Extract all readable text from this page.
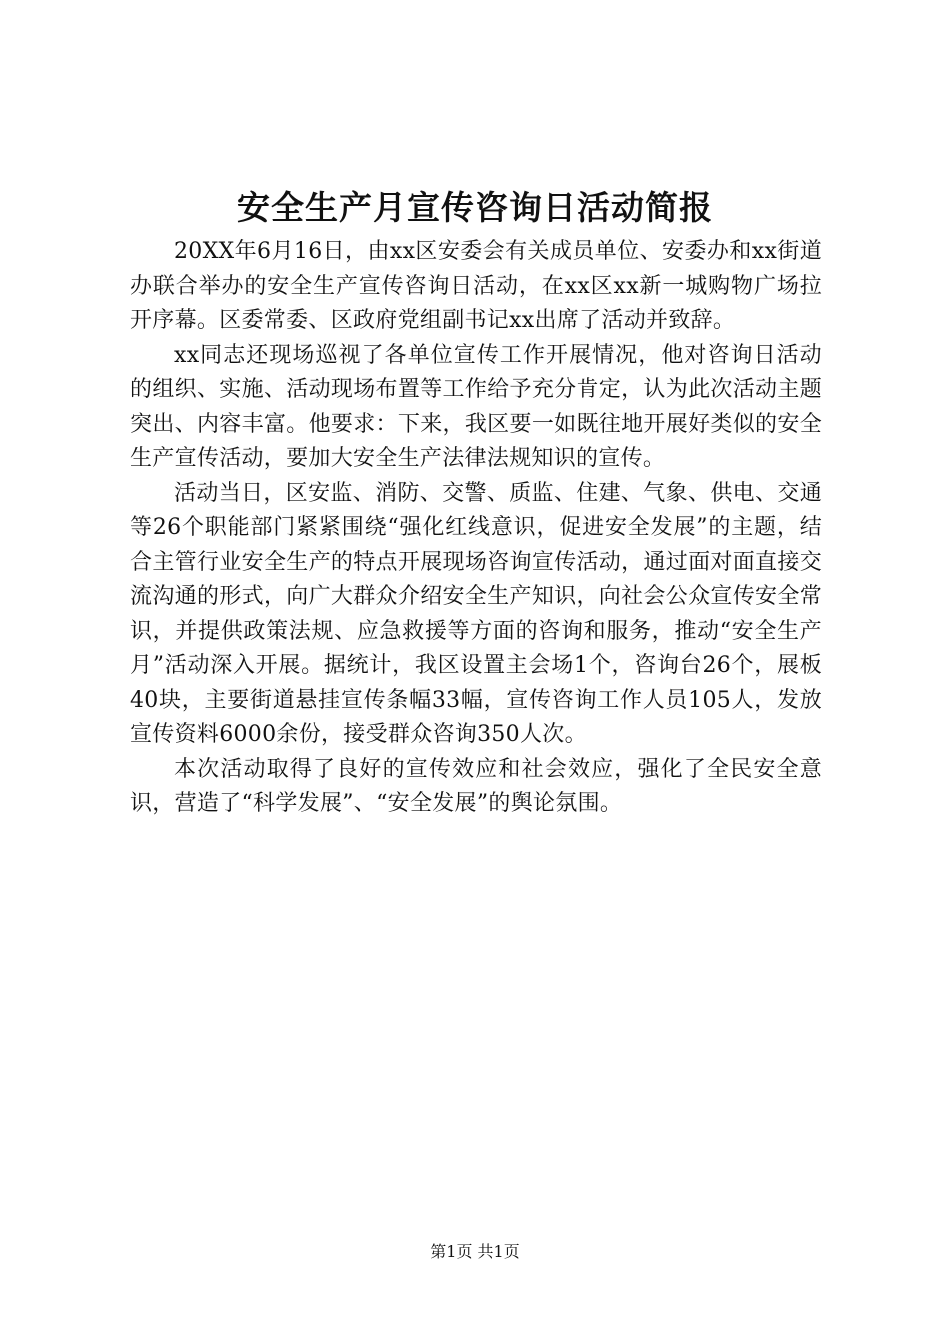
安全生产月宣传咨询日活动简报

20XX年6月16日，由xx区安委会有关成员单位、安委办和xx街道办联合举办的安全生产宣传咨询日活动，在xx区xx新一城购物广场拉开序幕。区委常委、区政府党组副书记xx出席了活动并致辞。

xx同志还现场巡视了各单位宣传工作开展情况，他对咨询日活动的组织、实施、活动现场布置等工作给予充分肯定，认为此次活动主题突出、内容丰富。他要求：下来，我区要一如既往地开展好类似的安全生产宣传活动，要加大安全生产法律法规知识的宣传。

活动当日，区安监、消防、交警、质监、住建、气象、供电、交通等26个职能部门紧紧围绕“强化红线意识，促进安全发展”的主题，结合主管行业安全生产的特点开展现场咨询宣传活动，通过面对面直接交流沟通的形式，向广大群众介绍安全生产知识，向社会公众宣传安全常识，并提供政策法规、应急救援等方面的咨询和服务，推动“安全生产月”活动深入开展。据统计，我区设置主会场1个，咨询台26个，展板40块，主要街道悬挂宣传条幅33幅，宣传咨询工作人员105人，发放宣传资料6000余份，接受群众咨询350人次。

本次活动取得了良好的宣传效应和社会效应，强化了全民安全意识，营造了“科学发展”、“安全发展”的舆论氛围。

第1页 共1页
